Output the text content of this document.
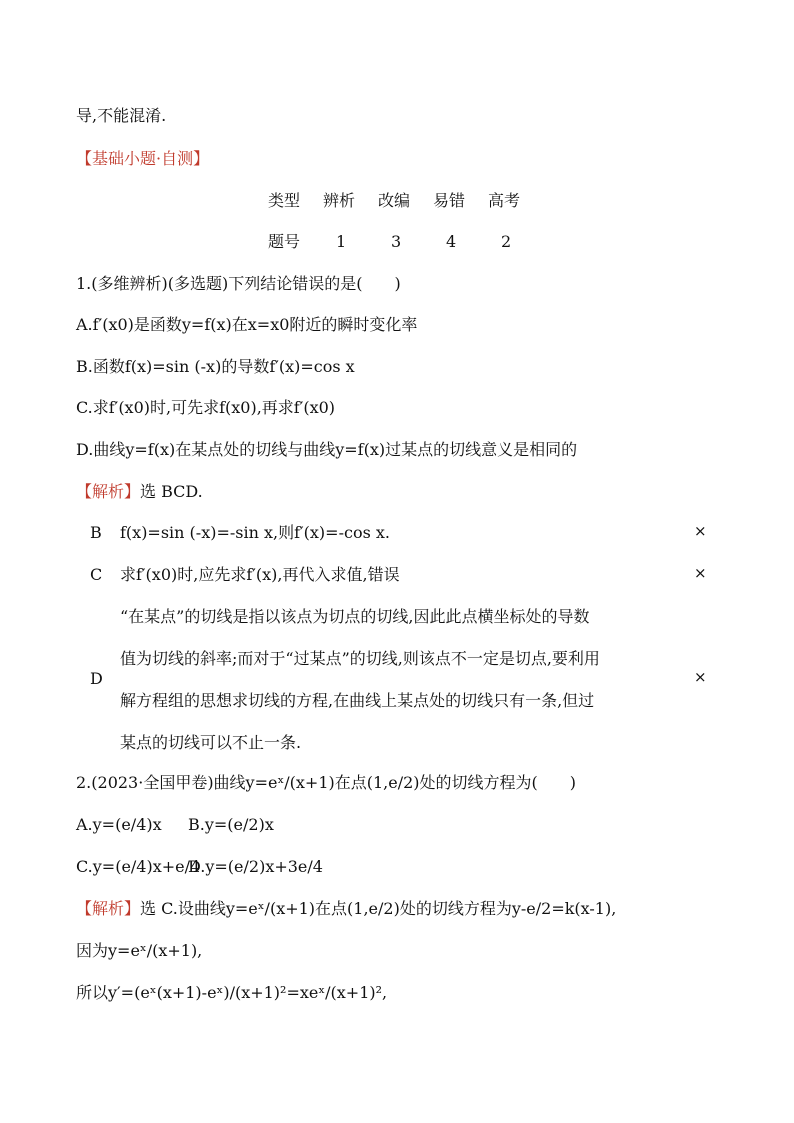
导,不能混淆.
【基础小题·自测】
类型 辨析 改编 易错 高考
题号 1	3	4	2
1.(多维辨析)(多选题)下列结论错误的是(　　)
A.f′(x0)是函数y=f(x)在x=x0附近的瞬时变化率
B.函数f(x)=sin (-x)的导数f′(x)=cos x
C.求f′(x0)时,可先求f(x0),再求f′(x0)
D.曲线y=f(x)在某点处的切线与曲线y=f(x)过某点的切线意义是相同的
【解析】选 BCD.
B f(x)=sin (-x)=-sin x,则f′(x)=-cos x.	×
C 求f′(x0)时,应先求f′(x),再代入求值,错误	×
D
“在某点”的切线是指以该点为切点的切线,因此此点横坐标处的导数
值为切线的斜率;而对于“过某点”的切线,则该点不一定是切点,要利用
解方程组的思想求切线的方程,在曲线上某点处的切线只有一条,但过
某点的切线可以不止一条.
×
2.(2023·全国甲卷)曲线y=eˣ/(x+1)在点(1,e/2)处的切线方程为(　　)
A.y=(e/4)x B.y=(e/2)x
C.y=(e/4)x+e/4
D.y=(e/2)x+3e/4
【解析】选 C.设曲线y=eˣ/(x+1)在点(1,e/2)处的切线方程为y-e/2=k(x-1),
因为y=eˣ/(x+1),
所以y′=(eˣ(x+1)-eˣ)/(x+1)²=xeˣ/(x+1)²,
